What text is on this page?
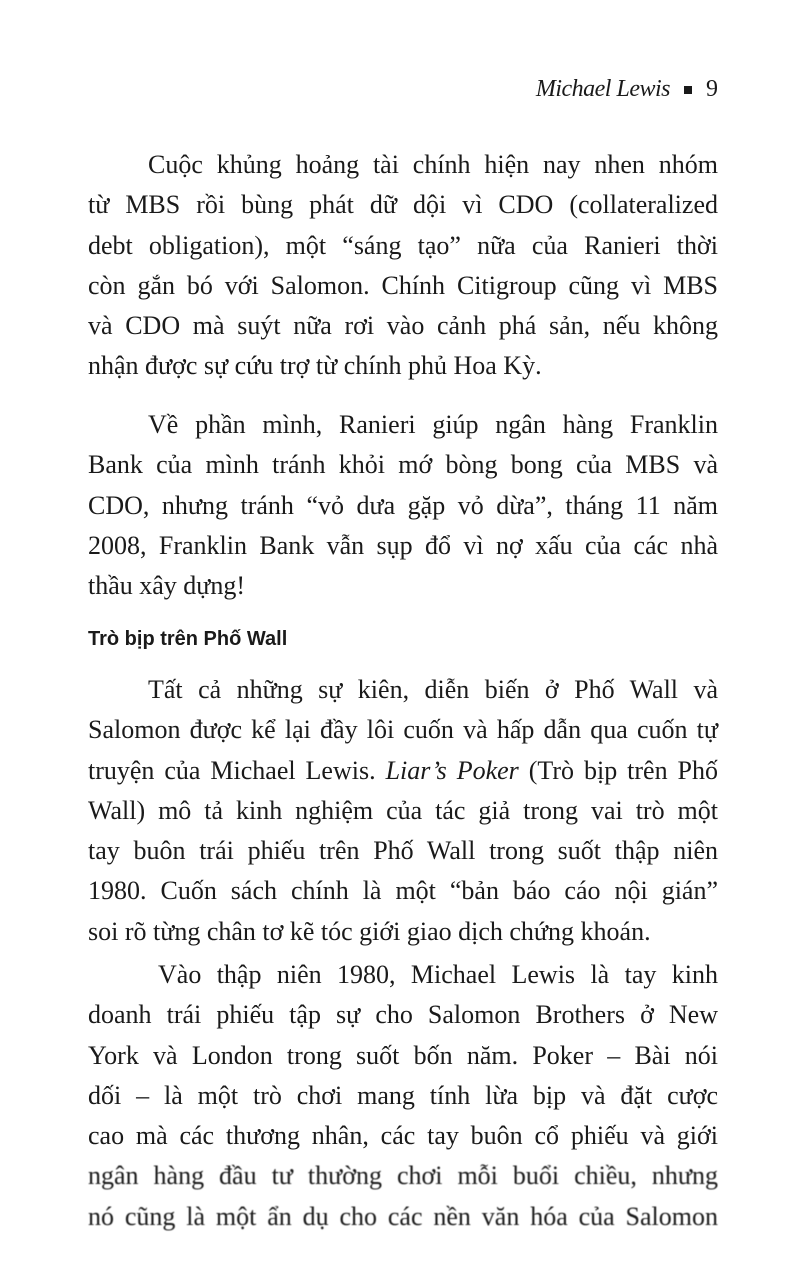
Michael Lewis 9
Cuộc khủng hoảng tài chính hiện nay nhen nhóm
từ MBS rồi bùng phát dữ dội vì CDO (collateralized
debt obligation), một “sáng tạo” nữa của Ranieri thời
còn gắn bó với Salomon. Chính Citigroup cũng vì MBS
và CDO mà suýt nữa rơi vào cảnh phá sản, nếu không
nhận được sự cứu trợ từ chính phủ Hoa Kỳ.
Về phần mình, Ranieri giúp ngân hàng Franklin
Bank của mình tránh khỏi mớ bòng bong của MBS và
CDO, nhưng tránh “vỏ dưa gặp vỏ dừa”, tháng 11 năm
2008, Franklin Bank vẫn sụp đổ vì nợ xấu của các nhà
thầu xây dựng!
Trò bịp trên Phố Wall
Tất cả những sự kiên, diễn biến ở Phố Wall và
Salomon được kể lại đầy lôi cuốn và hấp dẫn qua cuốn tự
truyện của Michael Lewis. Liar’s Poker (Trò bịp trên Phố
Wall) mô tả kinh nghiệm của tác giả trong vai trò một
tay buôn trái phiếu trên Phố Wall trong suốt thập niên
1980. Cuốn sách chính là một “bản báo cáo nội gián”
soi rõ từng chân tơ kẽ tóc giới giao dịch chứng khoán.
Vào thập niên 1980, Michael Lewis là tay kinh
doanh trái phiếu tập sự cho Salomon Brothers ở New
York và London trong suốt bốn năm. Poker – Bài nói
dối – là một trò chơi mang tính lừa bịp và đặt cược
cao mà các thương nhân, các tay buôn cổ phiếu và giới
ngân hàng đầu tư thường chơi mỗi buổi chiều, nhưng
nó cũng là một ẩn dụ cho các nền văn hóa của Salomon
